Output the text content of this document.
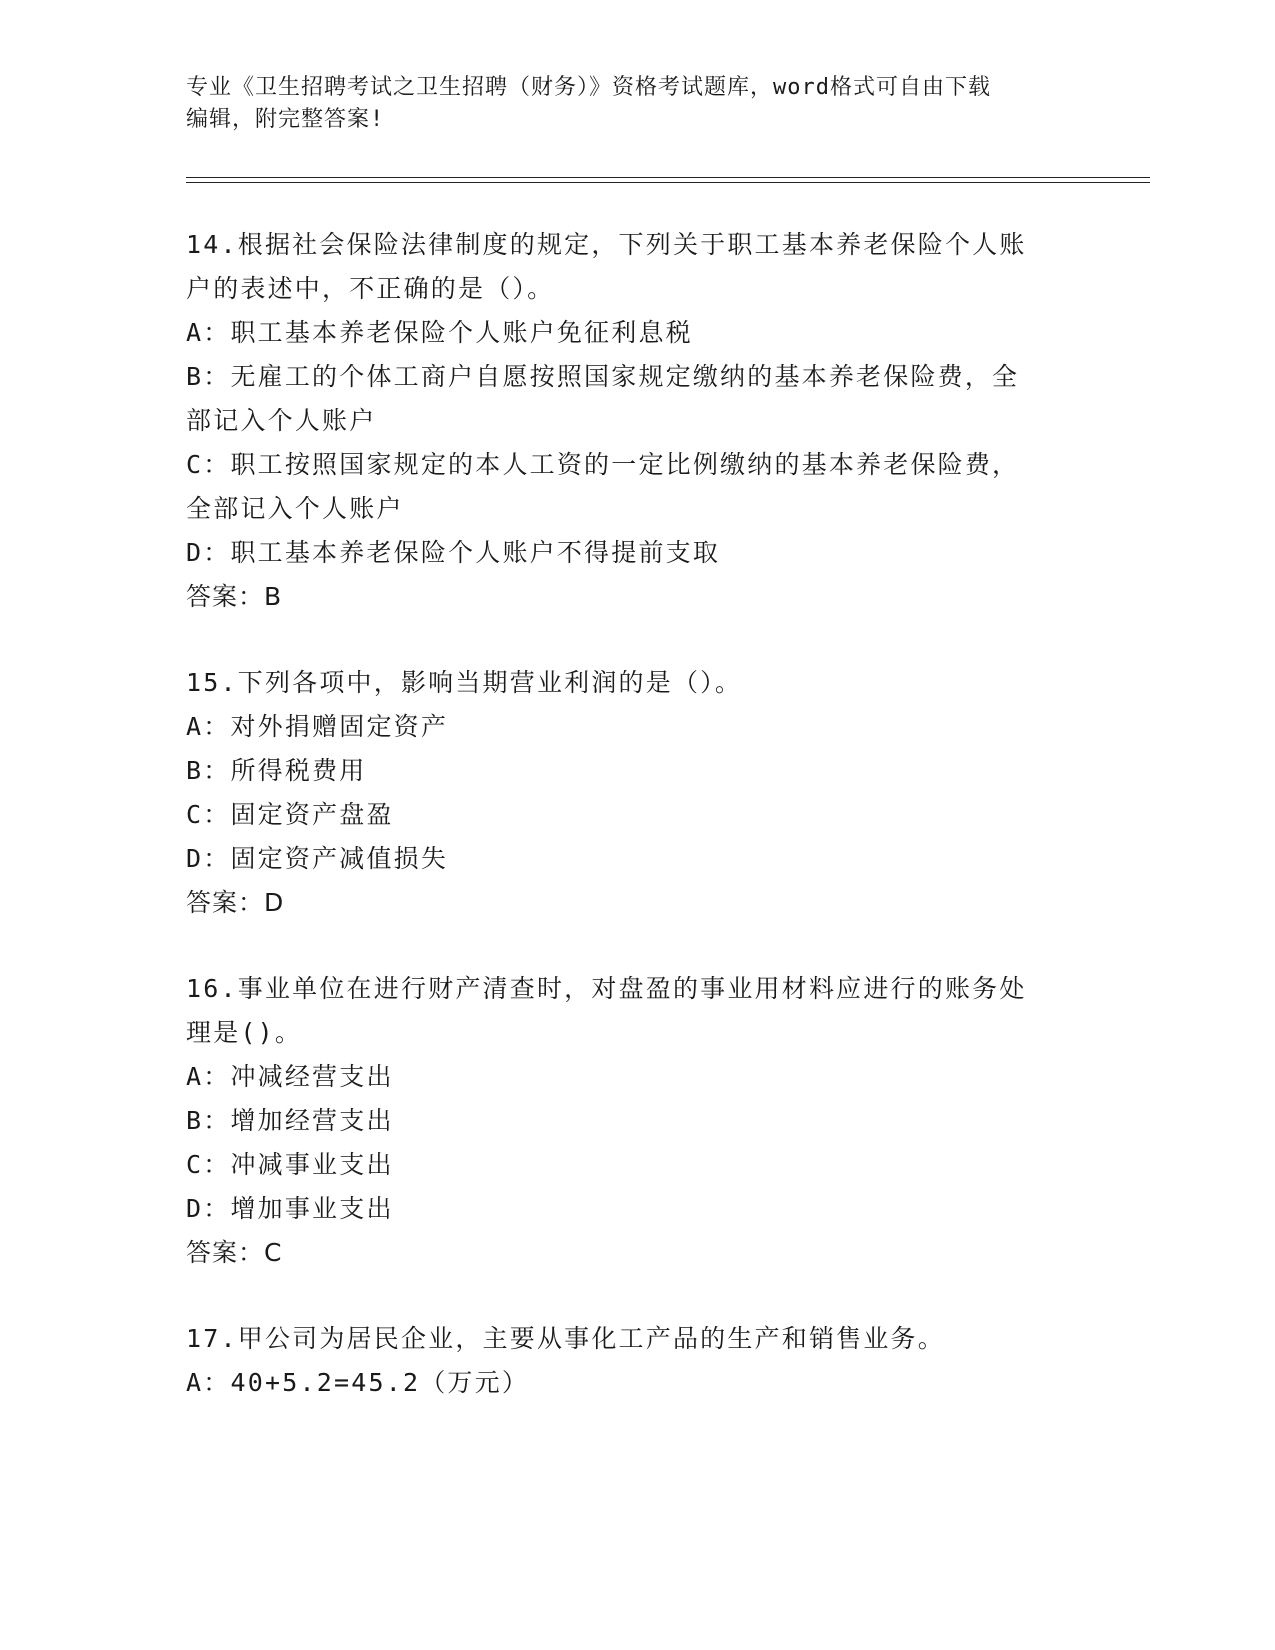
专业《卫生招聘考试之卫生招聘（财务）》资格考试题库，word格式可自由下载
编辑，附完整答案!
14.根据社会保险法律制度的规定，下列关于职工基本养老保险个人账
户的表述中，不正确的是（）。
A：职工基本养老保险个人账户免征利息税
B：无雇工的个体工商户自愿按照国家规定缴纳的基本养老保险费，全
部记入个人账户
C：职工按照国家规定的本人工资的一定比例缴纳的基本养老保险费，
全部记入个人账户
D：职工基本养老保险个人账户不得提前支取
答案：B
15.下列各项中，影响当期营业利润的是（）。
A：对外捐赠固定资产
B：所得税费用
C：固定资产盘盈
D：固定资产减值损失
答案：D
16.事业单位在进行财产清查时，对盘盈的事业用材料应进行的账务处
理是()。
A：冲减经营支出
B：增加经营支出
C：冲减事业支出
D：增加事业支出
答案：C
17.甲公司为居民企业，主要从事化工产品的生产和销售业务。
A：40+5.2=45.2（万元）
